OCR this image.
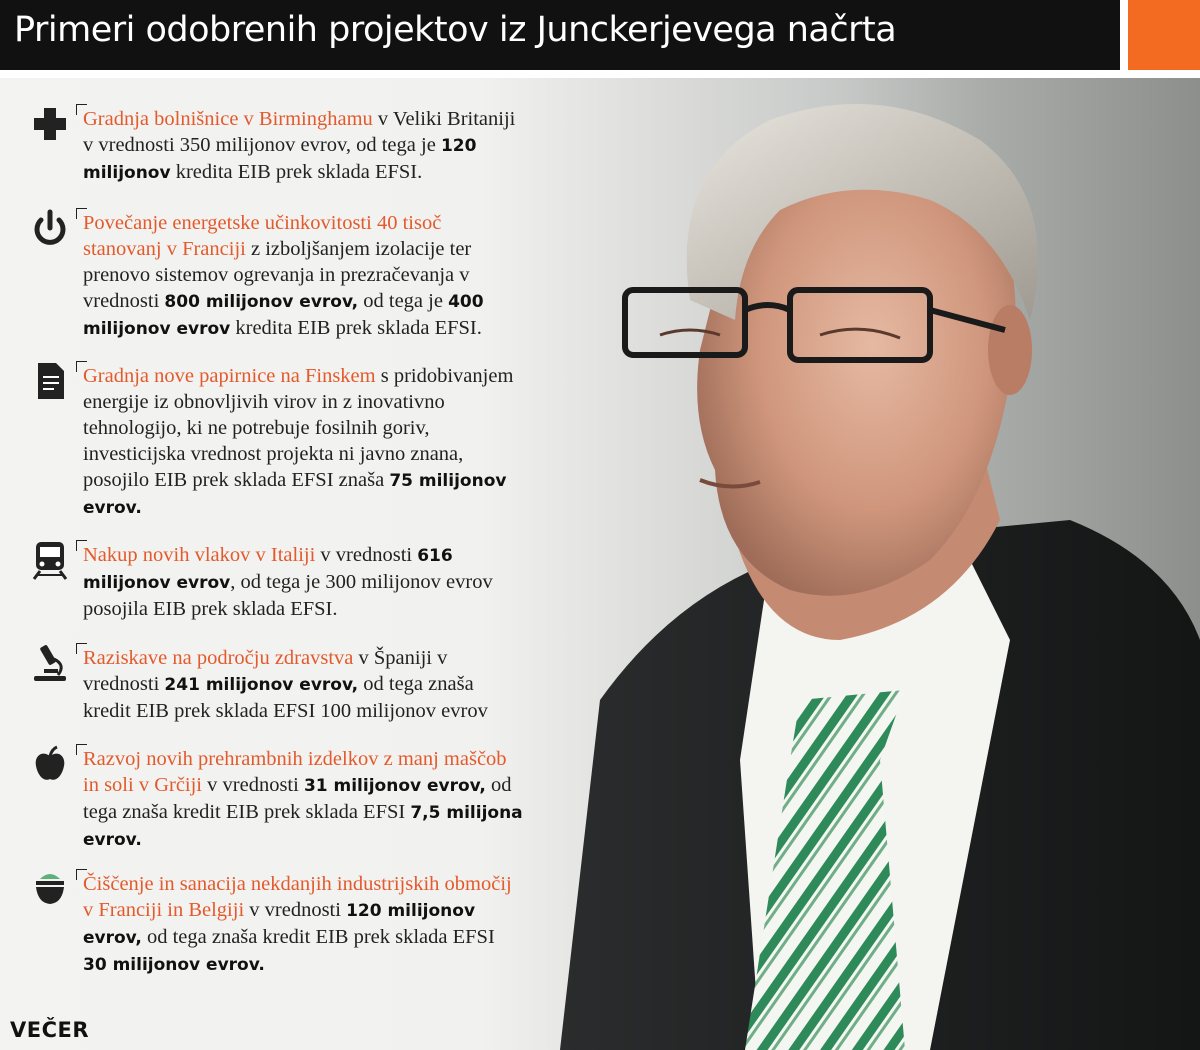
Primeri odobrenih projektov iz Junckerjevega načrta

Gradnja bolnišnice v Birminghamu v Veliki Britaniji v vrednosti 350 milijonov evrov, od tega je 120 milijonov kredita EIB prek sklada EFSI.

Povečanje energetske učinkovitosti 40 tisoč stanovanj v Franciji z izboljšanjem izolacije ter prenovo sistemov ogrevanja in prezračevanja v vrednosti 800 milijonov evrov, od tega je 400 milijonov evrov kredita EIB prek sklada EFSI.

Gradnja nove papirnice na Finskem s pridobivanjem energije iz obnovljivih virov in z inovativno tehnologijo, ki ne potrebuje fosilnih goriv, investicijska vrednost projekta ni javno znana, posojilo EIB prek sklada EFSI znaša 75 milijonov evrov.

Nakup novih vlakov v Italiji v vrednosti 616 milijonov evrov, od tega je 300 milijonov evrov posojila EIB prek sklada EFSI.

Raziskave na področju zdravstva v Španiji v vrednosti 241 milijonov evrov, od tega znaša kredit EIB prek sklada EFSI 100 milijonov evrov

Razvoj novih prehrambnih izdelkov z manj maščob in soli v Grčiji v vrednosti 31 milijonov evrov, od tega znaša kredit EIB prek sklada EFSI 7,5 milijona evrov.

Čiščenje in sanacija nekdanjih industrijskih območij v Franciji in Belgiji v vrednosti 120 milijonov evrov, od tega znaša kredit EIB prek sklada EFSI 30 milijonov evrov.

VEČER
